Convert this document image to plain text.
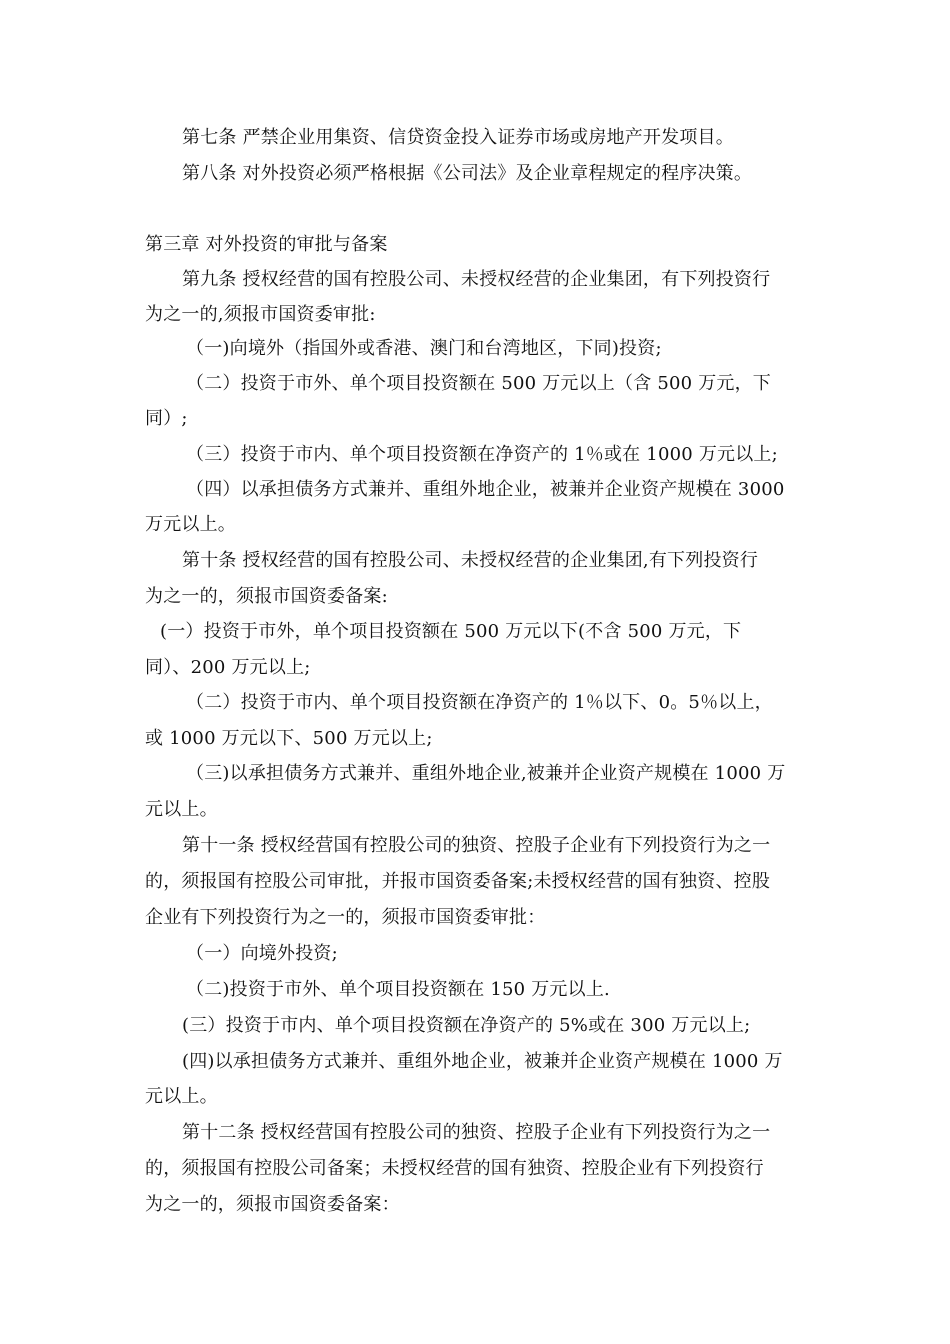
第七条 严禁企业用集资、信贷资金投入证券市场或房地产开发项目。
第八条 对外投资必须严格根据《公司法》及企业章程规定的程序决策。
第三章 对外投资的审批与备案
第九条 授权经营的国有控股公司、未授权经营的企业集团，有下列投资行
为之一的,须报市国资委审批:
（一)向境外（指国外或香港、澳门和台湾地区，下同)投资;
（二）投资于市外、单个项目投资额在 500 万元以上（含 500 万元，下
同）;
（三）投资于市内、单个项目投资额在净资产的 1％或在 1000 万元以上;
（四）以承担债务方式兼并、重组外地企业，被兼并企业资产规模在 3000
万元以上。
第十条 授权经营的国有控股公司、未授权经营的企业集团,有下列投资行
为之一的，须报市国资委备案:
(一）投资于市外，单个项目投资额在 500 万元以下(不含 500 万元，下
同）、200 万元以上;
（二）投资于市内、单个项目投资额在净资产的 1％以下、0。5％以上，
或 1000 万元以下、500 万元以上;
（三)以承担债务方式兼并、重组外地企业,被兼并企业资产规模在 1000 万
元以上。
第十一条 授权经营国有控股公司的独资、控股子企业有下列投资行为之一
的，须报国有控股公司审批，并报市国资委备案;未授权经营的国有独资、控股
企业有下列投资行为之一的，须报市国资委审批：
（一）向境外投资;
（二)投资于市外、单个项目投资额在 150 万元以上.
(三）投资于市内、单个项目投资额在净资产的 5%或在 300 万元以上;
(四)以承担债务方式兼并、重组外地企业，被兼并企业资产规模在 1000 万
元以上。
第十二条 授权经营国有控股公司的独资、控股子企业有下列投资行为之一
的，须报国有控股公司备案；未授权经营的国有独资、控股企业有下列投资行
为之一的，须报市国资委备案：
